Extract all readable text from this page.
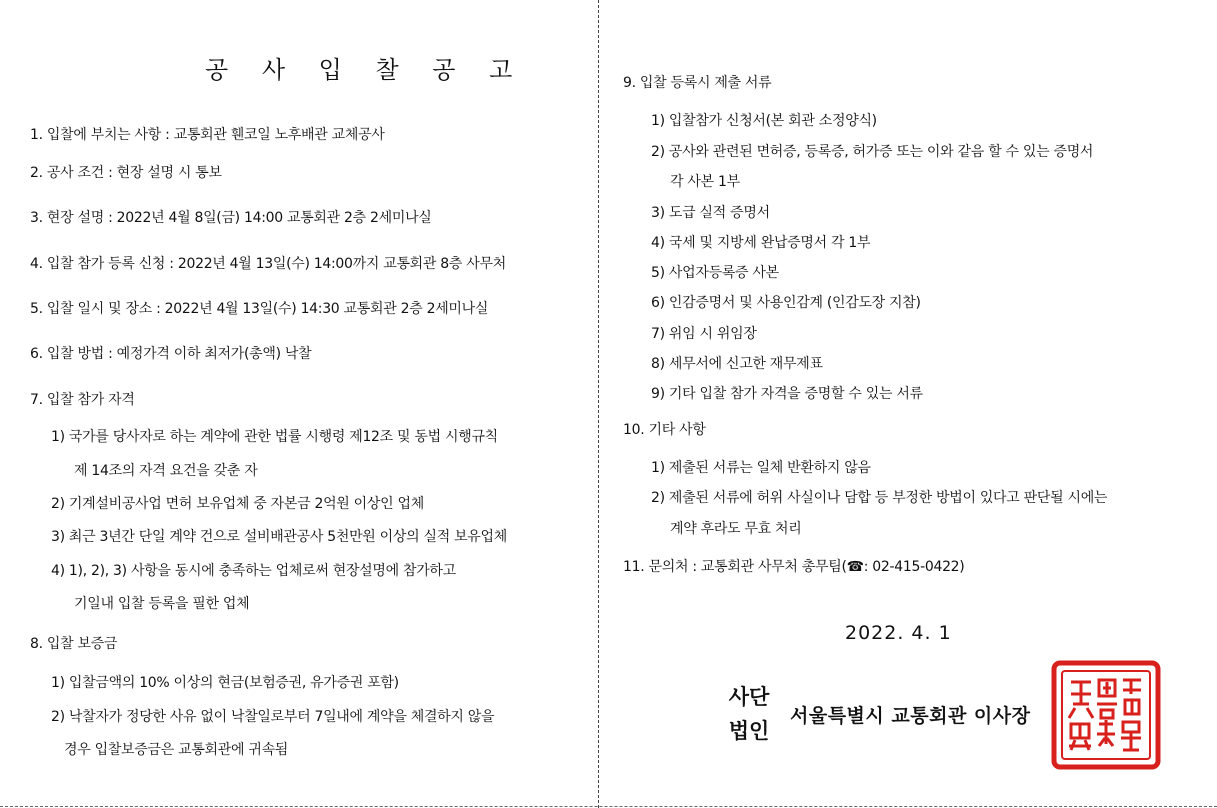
공 사 입 찰 공 고
1. 입찰에 부치는 사항 : 교통회관 휀코일 노후배관 교체공사
2. 공사 조건 : 현장 설명 시 통보
3. 현장 설명 : 2022년 4월 8일(금) 14:00 교통회관 2층 2세미나실
4. 입찰 참가 등록 신청 : 2022년 4월 13일(수) 14:00까지 교통회관 8층 사무처
5. 입찰 일시 및 장소 : 2022년 4월 13일(수) 14:30 교통회관 2층 2세미나실
6. 입찰 방법 : 예정가격 이하 최저가(총액) 낙찰
7. 입찰 참가 자격
1) 국가를 당사자로 하는 계약에 관한 법률 시행령 제12조 및 동법 시행규칙
제 14조의 자격 요건을 갖춘 자
2) 기계설비공사업 면허 보유업체 중 자본금 2억원 이상인 업체
3) 최근 3년간 단일 계약 건으로 설비배관공사 5천만원 이상의 실적 보유업체
4) 1), 2), 3) 사항을 동시에 충족하는 업체로써 현장설명에 참가하고
기일내 입찰 등록을 필한 업체
8. 입찰 보증금
1) 입찰금액의 10% 이상의 현금(보험증권, 유가증권 포함)
2) 낙찰자가 정당한 사유 없이 낙찰일로부터 7일내에 계약을 체결하지 않을
경우 입찰보증금은 교통회관에 귀속됨
9. 입찰 등록시 제출 서류
1) 입찰참가 신청서(본 회관 소정양식)
2) 공사와 관련된 면허증, 등록증, 허가증 또는 이와 같음 할 수 있는 증명서
각 사본 1부
3) 도급 실적 증명서
4) 국세 및 지방세 완납증명서 각 1부
5) 사업자등록증 사본
6) 인감증명서 및 사용인감계 (인감도장 지참)
7) 위임 시 위임장
8) 세무서에 신고한 재무제표
9) 기타 입찰 참가 자격을 증명할 수 있는 서류
10. 기타 사항
1) 제출된 서류는 일체 반환하지 않음
2) 제출된 서류에 허위 사실이나 담합 등 부정한 방법이 있다고 판단될 시에는
계약 후라도 무효 처리
11. 문의처 : 교통회관 사무처 총무팀(☎: 02-415-0422)
2022. 4. 1
사단
법인
서울특별시 교통회관 이사장
